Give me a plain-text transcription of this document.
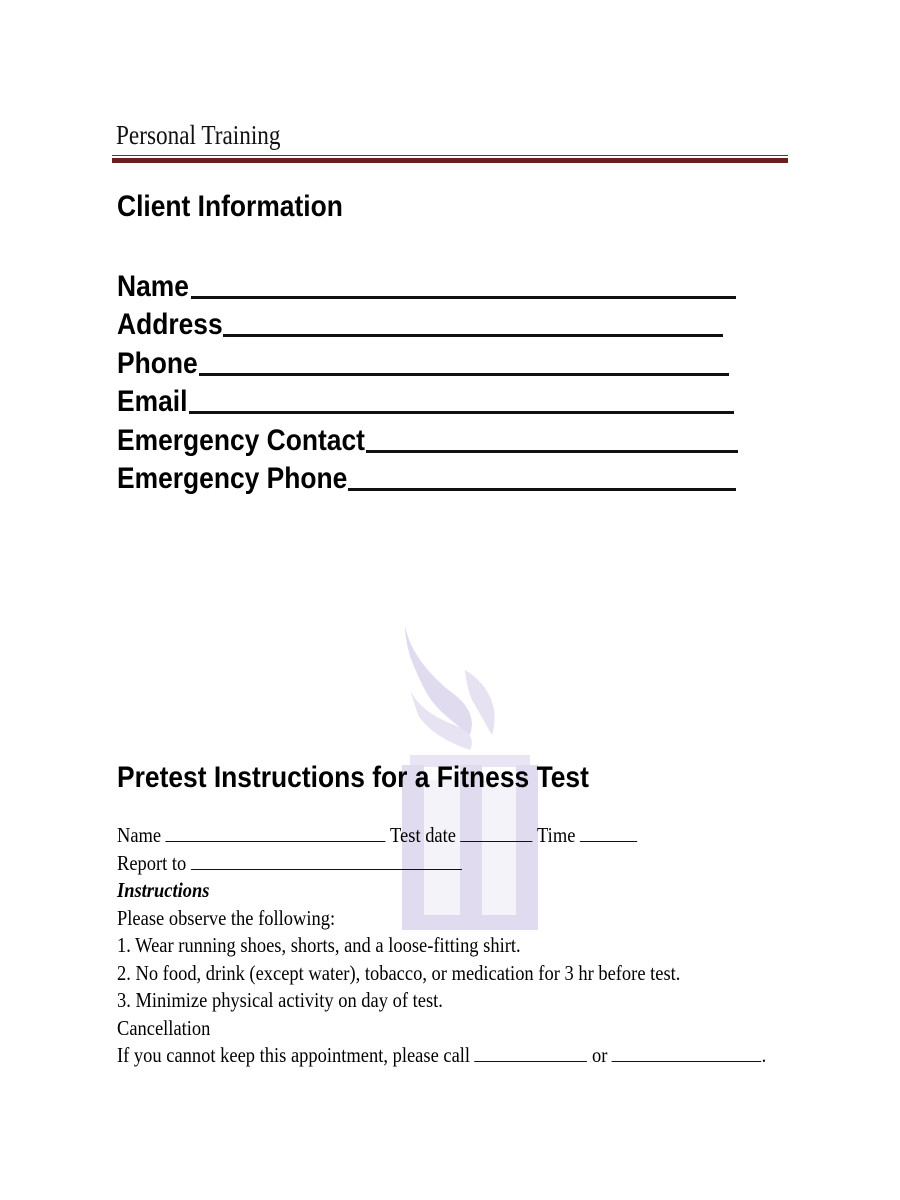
Personal Training
Client Information
Name
Address
Phone
Email
Emergency Contact
Emergency Phone
Pretest Instructions for a Fitness Test
Name	Test date	Time
Report to
Instructions
Please observe the following:
1. Wear running shoes, shorts, and a loose-fitting shirt.
2. No food, drink (except water), tobacco, or medication for 3 hr before test.
3. Minimize physical activity on day of test.
Cancellation
If you cannot keep this appointment, please call	or	.
